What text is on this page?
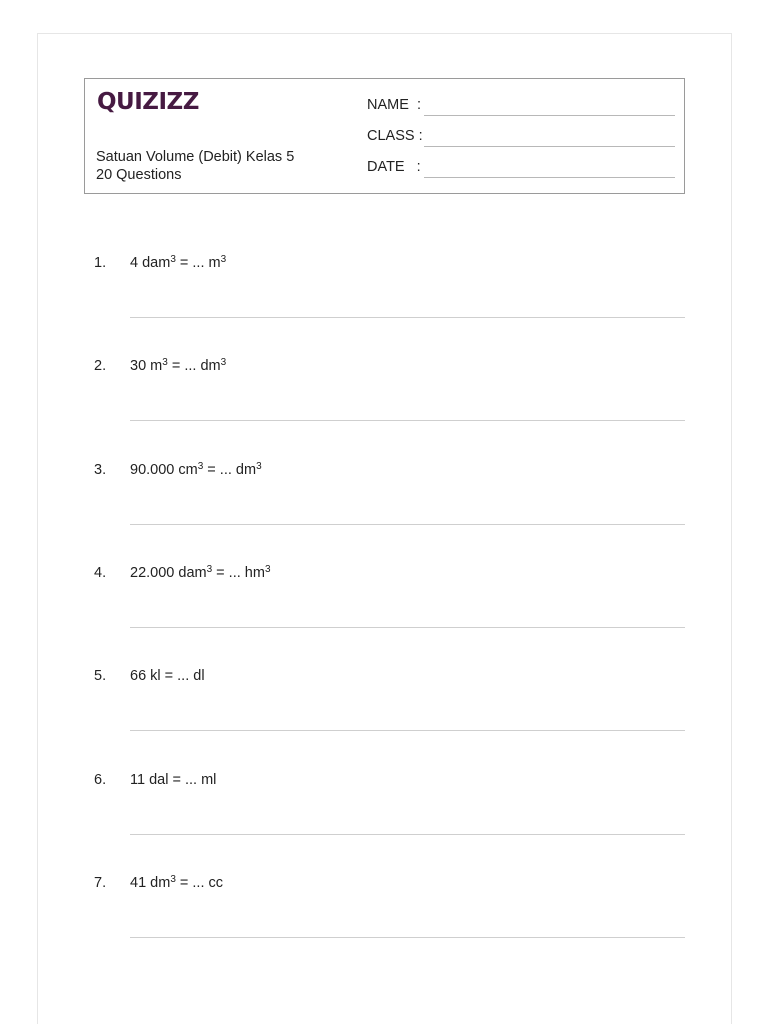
QUIZIZZ
Satuan Volume (Debit) Kelas 5
20 Questions
NAME  :
CLASS :
DATE   :
1. 4 dam$^3$ = ... $m^3$
2. 30 $m^3$ = ... $dm^3$
3. 90.000 $cm^3$ = ... $dm^3$
4. 22.000 dam$^3$ = ... $hm^3$
5. 66 kl = ... dl
6. 11 dal = ... ml
7. 41 $dm^3$ = ... cc
